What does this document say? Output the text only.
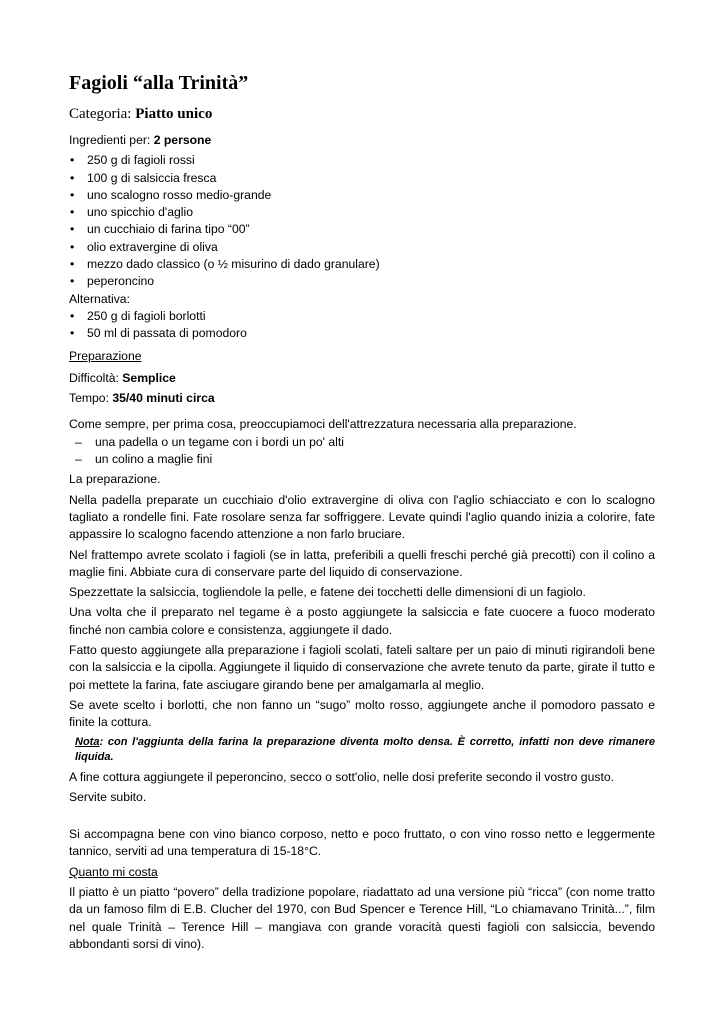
Fagioli “alla Trinità”
Categoria: Piatto unico

Ingredienti per: 2 persone

• 250 g di fagioli rossi
• 100 g di salsiccia fresca
• uno scalogno rosso medio-grande
• uno spicchio d'aglio
• un cucchiaio di farina tipo “00”
• olio extravergine di oliva
• mezzo dado classico (o ½ misurino di dado granulare)
• peperoncino
Alternativa:
• 250 g di fagioli borlotti
• 50 ml di passata di pomodoro

Preparazione

Difficoltà: Semplice

Tempo: 35/40 minuti circa

Come sempre, per prima cosa, preoccupiamoci dell'attrezzatura necessaria alla preparazione.
– una padella o un tegame con i bordi un po' alti
– un colino a maglie fini

La preparazione.

Nella padella preparate un cucchiaio d'olio extravergine di oliva con l'aglio schiacciato e con lo scalogno tagliato a rondelle fini. Fate rosolare senza far soffriggere. Levate quindi l'aglio quando inizia a colorire, fate appassire lo scalogno facendo attenzione a non farlo bruciare.

Nel frattempo avrete scolato i fagioli (se in latta, preferibili a quelli freschi perché già precotti) con il colino a maglie fini. Abbiate cura di conservare parte del liquido di conservazione.

Spezzettate la salsiccia, togliendole la pelle, e fatene dei tocchetti delle dimensioni di un fagiolo.

Una volta che il preparato nel tegame è a posto aggiungete la salsiccia e fate cuocere a fuoco moderato finché non cambia colore e consistenza, aggiungete il dado.

Fatto questo aggiungete alla preparazione i fagioli scolati, fateli saltare per un paio di minuti rigirandoli bene con la salsiccia e la cipolla. Aggiungete il liquido di conservazione che avrete tenuto da parte, girate il tutto e poi mettete la farina, fate asciugare girando bene per amalgamarla al meglio.

Se avete scelto i borlotti, che non fanno un “sugo” molto rosso, aggiungete anche il pomodoro passato e finite la cottura.

Nota: con l'aggiunta della farina la preparazione diventa molto densa. È corretto, infatti non deve rimanere liquida.

A fine cottura aggiungete il peperoncino, secco o sott'olio, nelle dosi preferite secondo il vostro gusto.

Servite subito.

Si accompagna bene con vino bianco corposo, netto e poco fruttato, o con vino rosso netto e leggermente tannico, serviti ad una temperatura di 15-18°C.

Quanto mi costa

Il piatto è un piatto “povero” della tradizione popolare, riadattato ad una versione più “ricca” (con nome tratto da un famoso film di E.B. Clucher del 1970, con Bud Spencer e Terence Hill, “Lo chiamavano Trinità...”, film nel quale Trinità – Terence Hill – mangiava con grande voracità questi fagioli con salsiccia, bevendo abbondanti sorsi di vino).
